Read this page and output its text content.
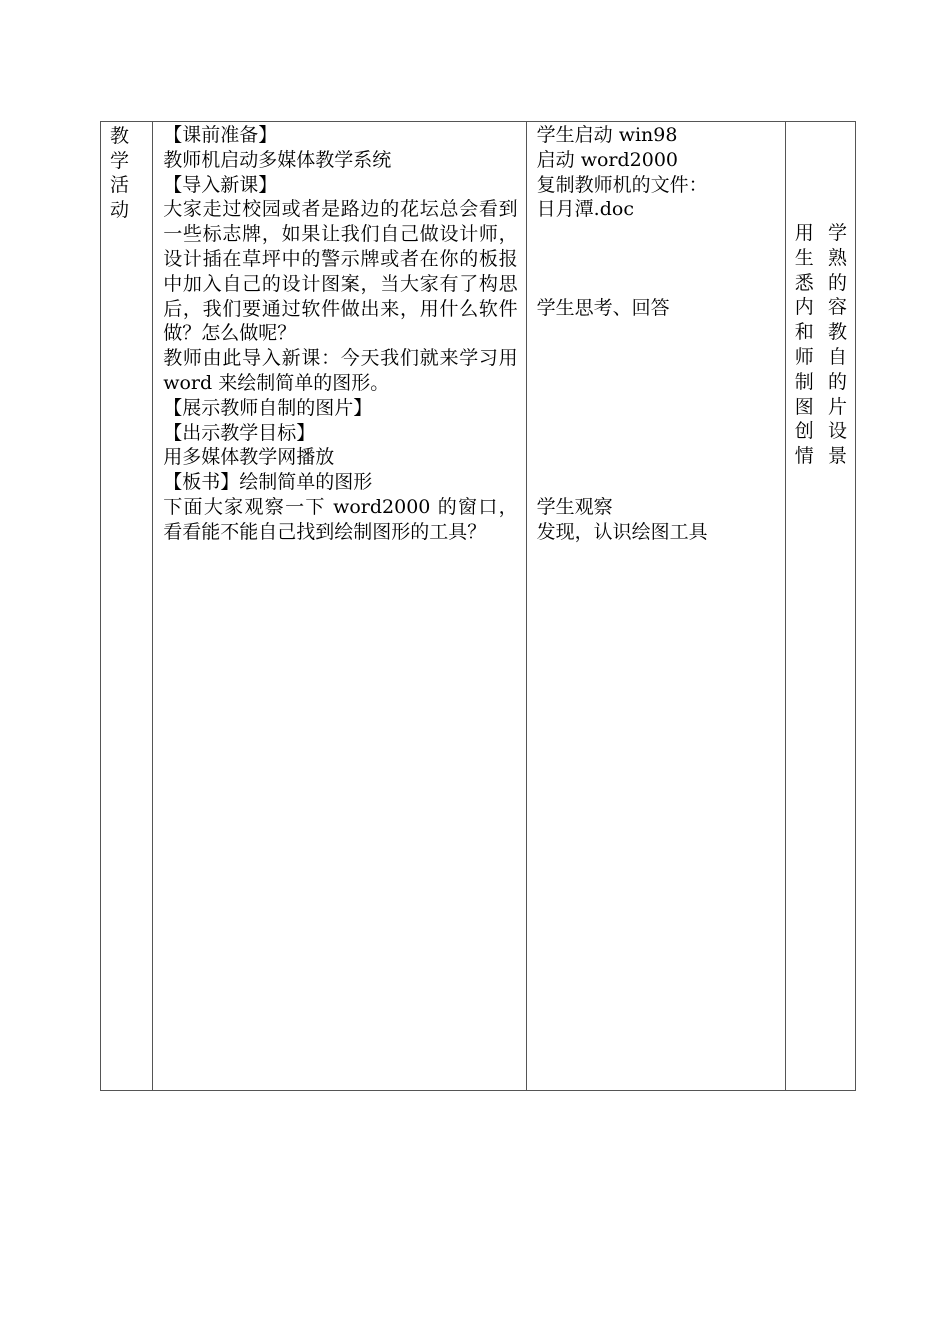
教
学
活
动

【课前准备】
教师机启动多媒体教学系统
【导入新课】
大家走过校园或者是路边的花坛总会看到一些标志牌，如果让我们自己做设计师，设计插在草坪中的警示牌或者在你的板报中加入自己的设计图案，当大家有了构思后，我们要通过软件做出来，用什么软件做？怎么做呢？
教师由此导入新课：今天我们就来学习用 word 来绘制简单的图形。
【展示教师自制的图片】
【出示教学目标】
用多媒体教学网播放
【板书】绘制简单的图形
下面大家观察一下 word2000 的窗口，看看能不能自己找到绘制图形的工具？

学生启动 win98
启动 word2000
复制教师机的文件：
日月潭.doc
学生思考、回答
学生观察
发现，认识绘图工具

用 学
生 熟
悉 的
内 容
和 教
师 自
制 的
图 片
创 设
情 景
